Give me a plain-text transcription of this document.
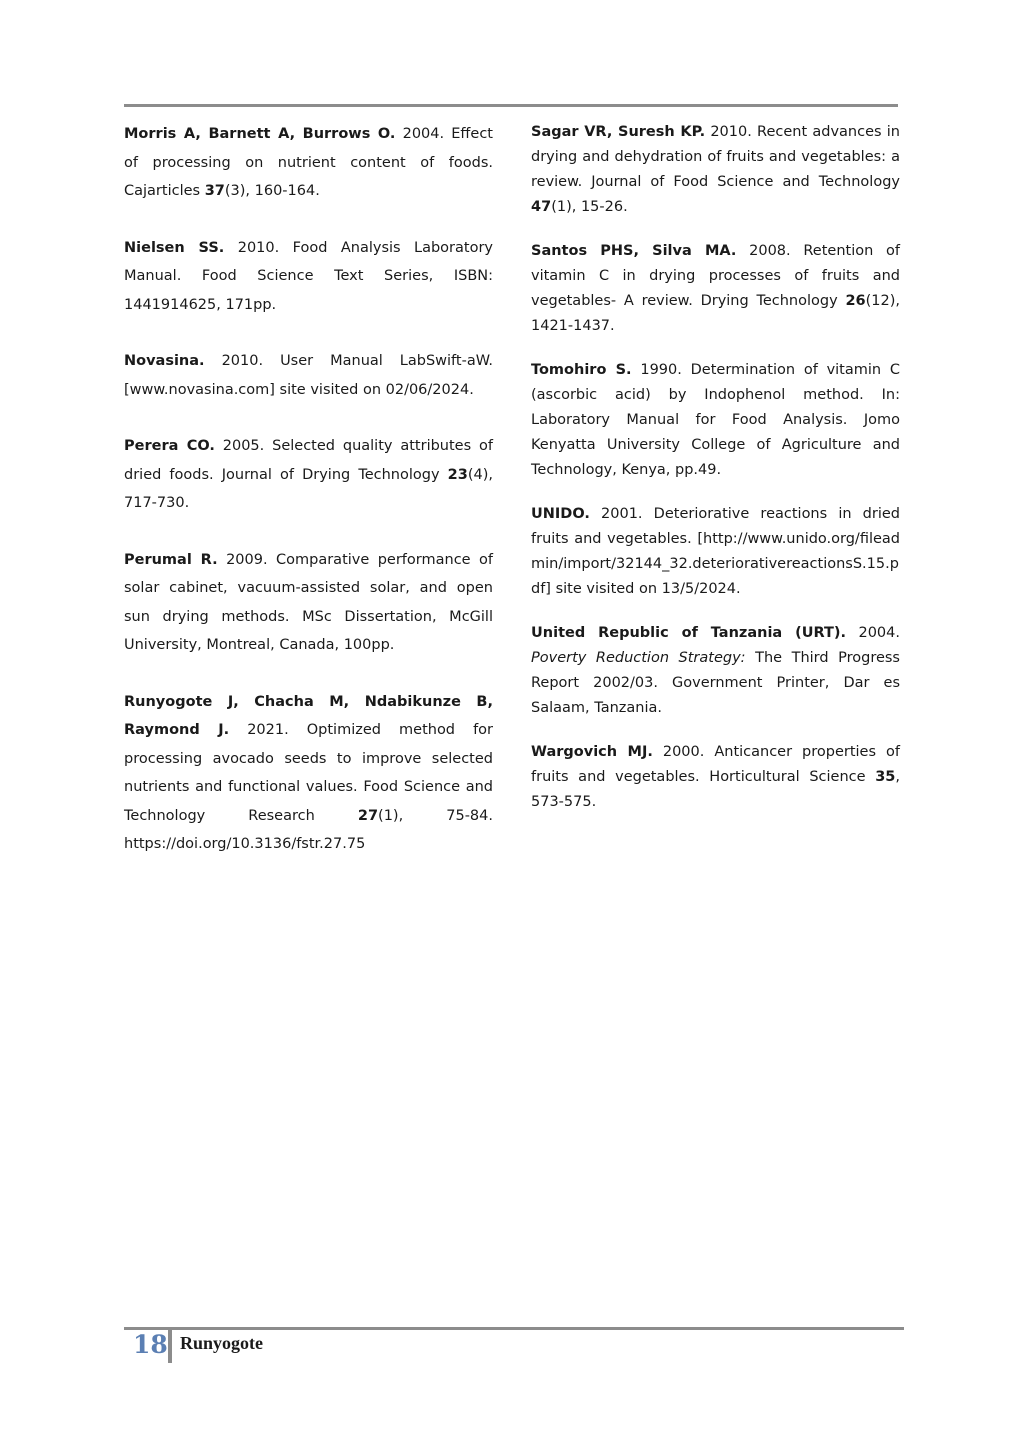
Morris A, Barnett A, Burrows O. 2004. Effect of processing on nutrient content of foods. Cajarticles 37(3), 160-164.

Nielsen SS. 2010. Food Analysis Laboratory Manual. Food Science Text Series, ISBN: 1441914625, 171pp.

Novasina. 2010. User Manual LabSwift-aW. [www.novasina.com] site visited on 02/06/2024.

Perera CO. 2005. Selected quality attributes of dried foods. Journal of Drying Technology 23(4), 717-730.

Perumal R. 2009. Comparative performance of solar cabinet, vacuum-assisted solar, and open sun drying methods. MSc Dissertation, McGill University, Montreal, Canada, 100pp.

Runyogote J, Chacha M, Ndabikunze B, Raymond J. 2021. Optimized method for processing avocado seeds to improve selected nutrients and functional values. Food Science and Technology Research 27(1), 75-84. https://doi.org/10.3136/fstr.27.75

Sagar VR, Suresh KP. 2010. Recent advances in drying and dehydration of fruits and vegetables: a review. Journal of Food Science and Technology 47(1), 15-26.

Santos PHS, Silva MA. 2008. Retention of vitamin C in drying processes of fruits and vegetables- A review. Drying Technology 26(12), 1421-1437.

Tomohiro S. 1990. Determination of vitamin C (ascorbic acid) by Indophenol method. In: Laboratory Manual for Food Analysis. Jomo Kenyatta University College of Agriculture and Technology, Kenya, pp.49.

UNIDO. 2001. Deteriorative reactions in dried fruits and vegetables. [http://www.unido.org/fileadmin/import/32144_32.deteriorativereactionsS.15.pdf] site visited on 13/5/2024.

United Republic of Tanzania (URT). 2004. Poverty Reduction Strategy: The Third Progress Report 2002/03. Government Printer, Dar es Salaam, Tanzania.

Wargovich MJ. 2000. Anticancer properties of fruits and vegetables. Horticultural Science 35, 573-575.

18 Runyogote
